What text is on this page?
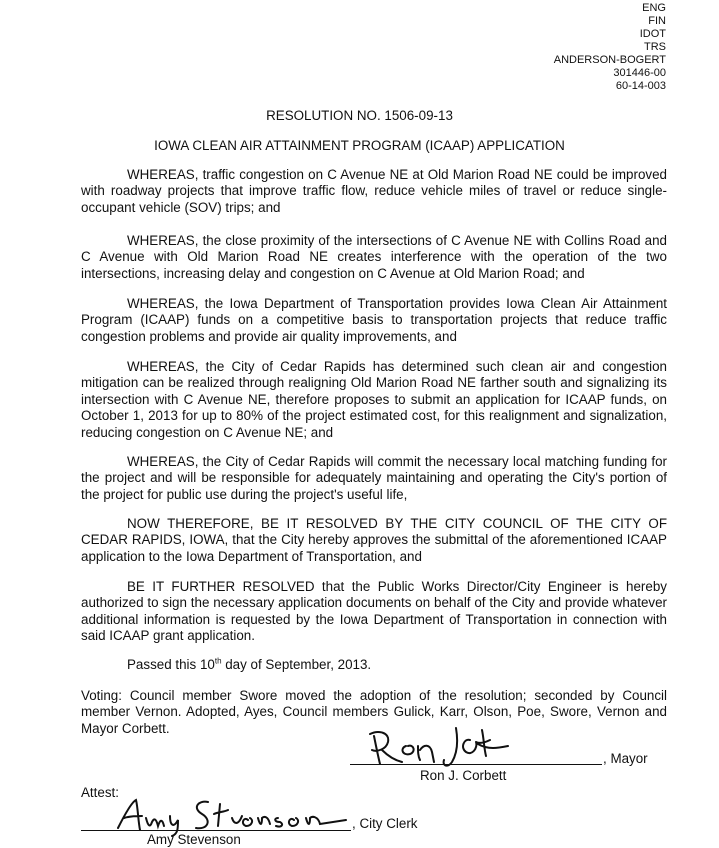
ENG
FIN
IDOT
TRS
ANDERSON-BOGERT
301446-00
60-14-003
RESOLUTION NO. 1506-09-13
IOWA CLEAN AIR ATTAINMENT PROGRAM (ICAAP) APPLICATION

WHEREAS, traffic congestion on C Avenue NE at Old Marion Road NE could be improved with roadway projects that improve traffic flow, reduce vehicle miles of travel or reduce single-occupant vehicle (SOV) trips; and

WHEREAS, the close proximity of the intersections of C Avenue NE with Collins Road and C Avenue with Old Marion Road NE creates interference with the operation of the two intersections, increasing delay and congestion on C Avenue at Old Marion Road; and

WHEREAS, the Iowa Department of Transportation provides Iowa Clean Air Attainment Program (ICAAP) funds on a competitive basis to transportation projects that reduce traffic congestion problems and provide air quality improvements, and

WHEREAS, the City of Cedar Rapids has determined such clean air and congestion mitigation can be realized through realigning Old Marion Road NE farther south and signalizing its intersection with C Avenue NE, therefore proposes to submit an application for ICAAP funds, on October 1, 2013 for up to 80% of the project estimated cost, for this realignment and signalization, reducing congestion on C Avenue NE; and

WHEREAS, the City of Cedar Rapids will commit the necessary local matching funding for the project and will be responsible for adequately maintaining and operating the City's portion of the project for public use during the project's useful life,

NOW THEREFORE, BE IT RESOLVED BY THE CITY COUNCIL OF THE CITY OF CEDAR RAPIDS, IOWA, that the City hereby approves the submittal of the aforementioned ICAAP application to the Iowa Department of Transportation, and

BE IT FURTHER RESOLVED that the Public Works Director/City Engineer is hereby authorized to sign the necessary application documents on behalf of the City and provide whatever additional information is requested by the Iowa Department of Transportation in connection with said ICAAP grant application.

Passed this 10th day of September, 2013.

Voting: Council member Swore moved the adoption of the resolution; seconded by Council member Vernon. Adopted, Ayes, Council members Gulick, Karr, Olson, Poe, Swore, Vernon and Mayor Corbett.

, Mayor
Ron J. Corbett
Attest:
, City Clerk
Amy Stevenson
